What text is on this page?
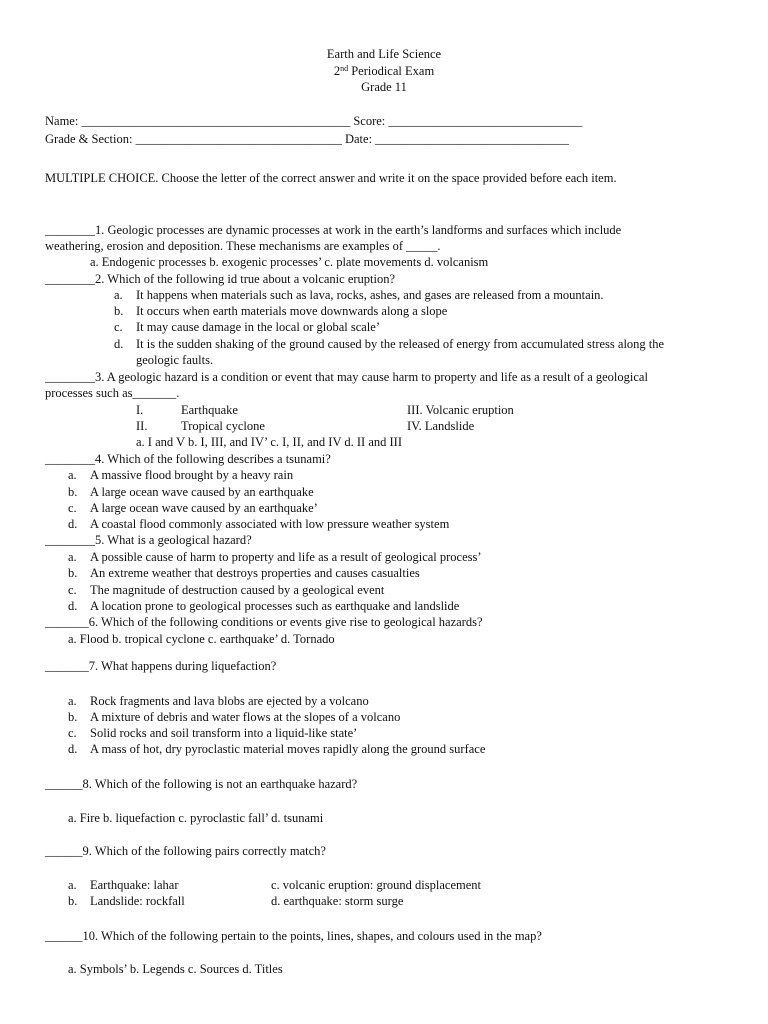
Earth and Life Science
2nd Periodical Exam
Grade 11
Name: ___________________________________________ Score: _______________________________
Grade & Section: _________________________________ Date: _______________________________
MULTIPLE CHOICE. Choose the letter of the correct answer and write it on the space provided before each item.
________1. Geologic processes are dynamic processes at work in the earth’s landforms and surfaces which include
weathering, erosion and deposition. These mechanisms are examples of _____.
a. Endogenic processes b. exogenic processes’ c. plate movements d. volcanism
________2. Which of the following id true about a volcanic eruption?
a. It happens when materials such as lava, rocks, ashes, and gases are released from a mountain.
b. It occurs when earth materials move downwards along a slope
c. It may cause damage in the local or global scale’
d. It is the sudden shaking of the ground caused by the released of energy from accumulated stress along the
geologic faults.
________3. A geologic hazard is a condition or event that may cause harm to property and life as a result of a geological
processes such as_______.
I.	Earthquake	III. Volcanic eruption
II.	Tropical cyclone	IV. Landslide
a. I and V b. I, III, and IV’ c. I, II, and IV d. II and III
________4. Which of the following describes a tsunami?
a. A massive flood brought by a heavy rain
b. A large ocean wave caused by an earthquake
c. A large ocean wave caused by an earthquake’
d. A coastal flood commonly associated with low pressure weather system
________5. What is a geological hazard?
a. A possible cause of harm to property and life as a result of geological process’
b. An extreme weather that destroys properties and causes casualties
c. The magnitude of destruction caused by a geological event
d. A location prone to geological processes such as earthquake and landslide
_______6. Which of the following conditions or events give rise to geological hazards?
a. Flood b. tropical cyclone c. earthquake’ d. Tornado
_______7. What happens during liquefaction?
a. Rock fragments and lava blobs are ejected by a volcano
b. A mixture of debris and water flows at the slopes of a volcano
c. Solid rocks and soil transform into a liquid-like state’
d. A mass of hot, dry pyroclastic material moves rapidly along the ground surface
______8. Which of the following is not an earthquake hazard?
a. Fire b. liquefaction c. pyroclastic fall’ d. tsunami
______9. Which of the following pairs correctly match?
a. Earthquake: lahar	c. volcanic eruption: ground displacement
b. Landslide: rockfall	d. earthquake: storm surge
______10. Which of the following pertain to the points, lines, shapes, and colours used in the map?
a. Symbols’ b. Legends c. Sources d. Titles
